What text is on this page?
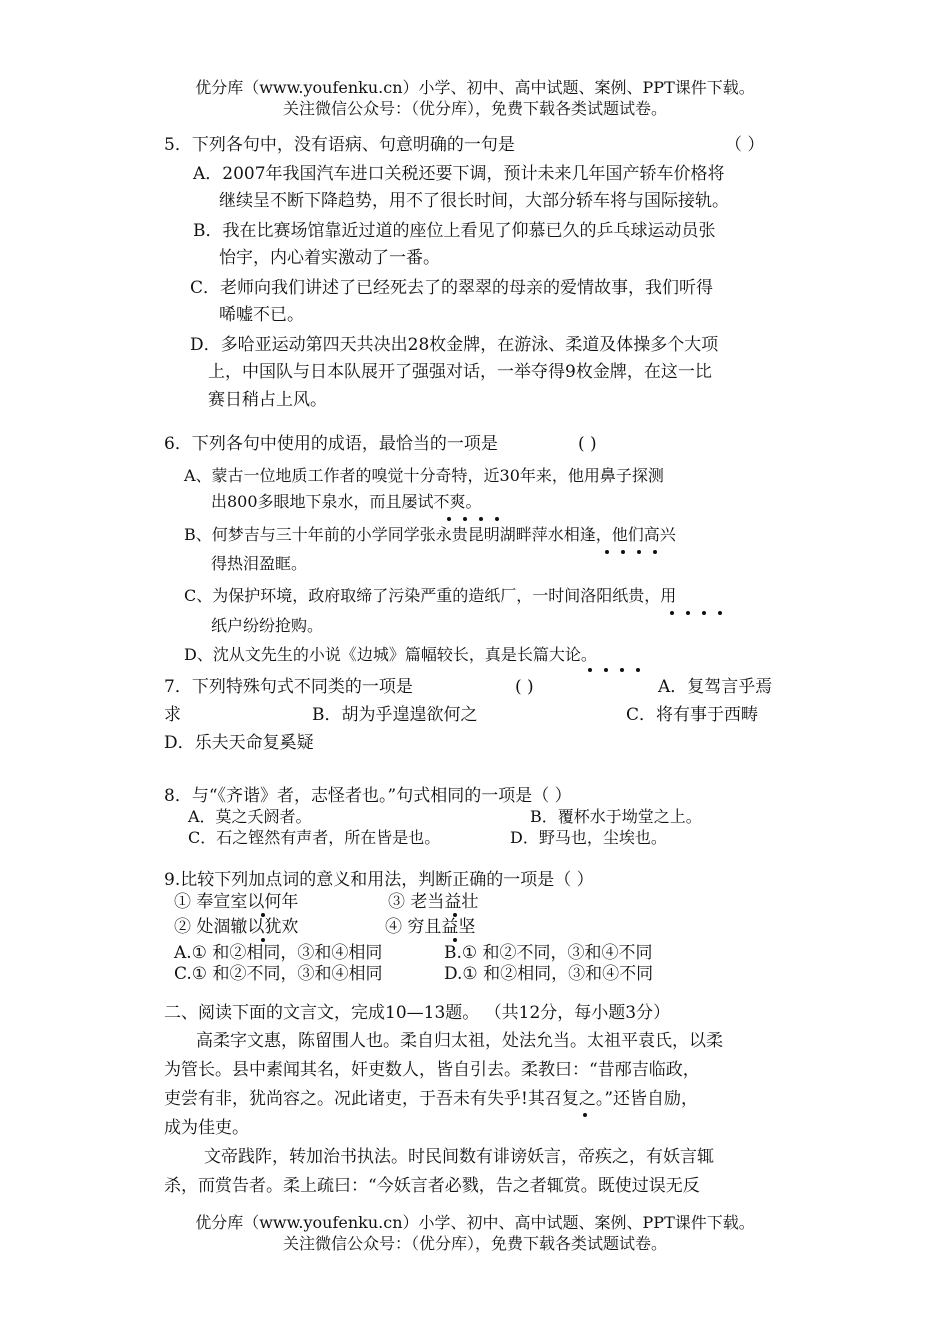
优分库（www.youfenku.cn）小学、初中、高中试题、案例、PPT课件下载。
关注微信公众号：（优分库），免费下载各类试题试卷。
5．下列各句中，没有语病、句意明确的一句是	（ ）
A．2007年我国汽车进口关税还要下调，预计未来几年国产轿车价格将
继续呈不断下降趋势，用不了很长时间，大部分轿车将与国际接轨。
B．我在比赛场馆靠近过道的座位上看见了仰慕已久的乒乓球运动员张
怡宇，内心着实激动了一番。
C．老师向我们讲述了已经死去了的翠翠的母亲的爱情故事，我们听得
唏嘘不已。
D．多哈亚运动第四天共决出28枚金牌，在游泳、柔道及体操多个大项
上，中国队与日本队展开了强强对话，一举夺得9枚金牌，在这一比
赛日稍占上风。
6．下列各句中使用的成语，最恰当的一项是	( )
A、蒙古一位地质工作者的嗅觉十分奇特，近30年来，他用鼻子探测
出800多眼地下泉水，而且屡试不爽。
B、何梦吉与三十年前的小学同学张永贵昆明湖畔萍水相逢，他们高兴
得热泪盈眶。
C、为保护环境，政府取缔了污染严重的造纸厂，一时间洛阳纸贵，用
纸户纷纷抢购。
D、沈从文先生的小说《边城》篇幅较长，真是长篇大论。
7．下列特殊句式不同类的一项是	( )	A．复驾言乎焉
求	B．胡为乎遑遑欲何之	C．将有事于西畴
D．乐夫天命复奚疑
8．与“《齐谐》者，志怪者也。”句式相同的一项是（ ）
A．莫之夭阏者。	B．覆杯水于坳堂之上。
C．石之铿然有声者，所在皆是也。	D．野马也，尘埃也。
9.比较下列加点词的意义和用法，判断正确的一项是（ ）
① 奉宣室以何年	③ 老当益壮
② 处涸辙以犹欢	④ 穷且益坚
A.① 和②相同，③和④相同	B.① 和②不同，③和④不同
C.① 和②不同，③和④相同	D.① 和②相同，③和④不同
二、阅读下面的文言文，完成10—13题。 （共12分，每小题3分）
高柔字文惠，陈留围人也。柔自归太祖，处法允当。太祖平袁氏，以柔
为管长。县中素闻其名，奸吏数人，皆自引去。柔教曰：“昔邴吉临政，
吏尝有非，犹尚容之。况此诸吏，于吾未有失乎!其召复之。”还皆自励，
成为佳吏。
文帝践阼，转加治书执法。时民间数有诽谤妖言，帝疾之，有妖言辄
杀，而赏告者。柔上疏曰：“今妖言者必戮，告之者辄赏。既使过误无反
优分库（www.youfenku.cn）小学、初中、高中试题、案例、PPT课件下载。
关注微信公众号：（优分库），免费下载各类试题试卷。
